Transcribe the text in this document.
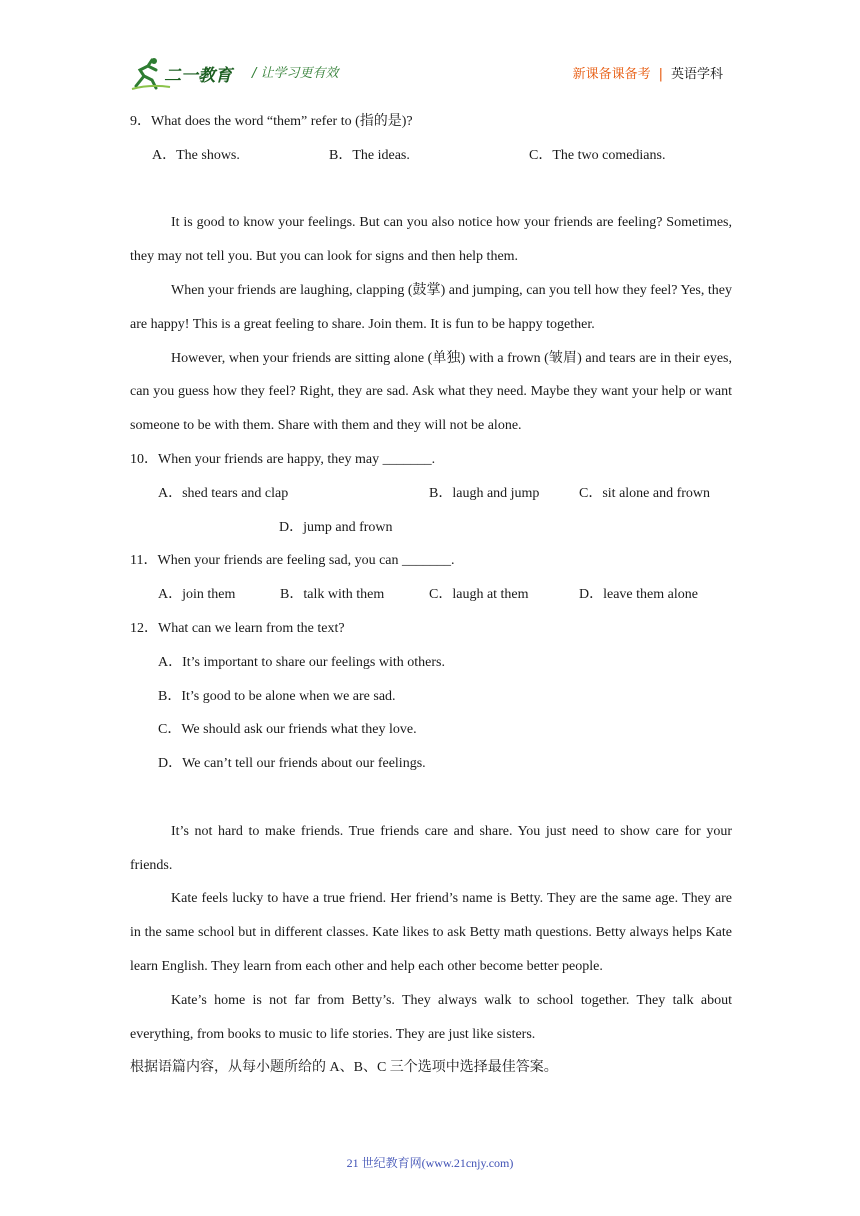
二一教育 / 让学习更有效	新课备课备考 | 英语学科
9．What does the word “them” refer to (指的是)?
A．The shows.	B．The ideas.	C．The two comedians.

It is good to know your feelings. But can you also notice how your friends are feeling? Sometimes, they may not tell you. But you can look for signs and then help them.

When your friends are laughing, clapping (鼓掌) and jumping, can you tell how they feel? Yes, they are happy! This is a great feeling to share. Join them. It is fun to be happy together.

However, when your friends are sitting alone (单独) with a frown (皱眉) and tears are in their eyes, can you guess how they feel? Right, they are sad. Ask what they need. Maybe they want your help or want someone to be with them. Share with them and they will not be alone.

10．When your friends are happy, they may _______.
A．shed tears and clap	B．laugh and jump	C．sit alone and frown
D．jump and frown
11．When your friends are feeling sad, you can _______.
A．join them	B．talk with them	C．laugh at them	D．leave them alone
12．What can we learn from the text?
A．It’s important to share our feelings with others.
B．It’s good to be alone when we are sad.
C．We should ask our friends what they love.
D．We can’t tell our friends about our feelings.

It’s not hard to make friends. True friends care and share. You just need to show care for your friends.

Kate feels lucky to have a true friend. Her friend’s name is Betty. They are the same age. They are in the same school but in different classes. Kate likes to ask Betty math questions. Betty always helps Kate learn English. They learn from each other and help each other become better people.

Kate’s home is not far from Betty’s. They always walk to school together. They talk about everything, from books to music to life stories. They are just like sisters.

根据语篇内容，从每小题所给的 A、B、C 三个选项中选择最佳答案。
21 世纪教育网(www.21cnjy.com)
